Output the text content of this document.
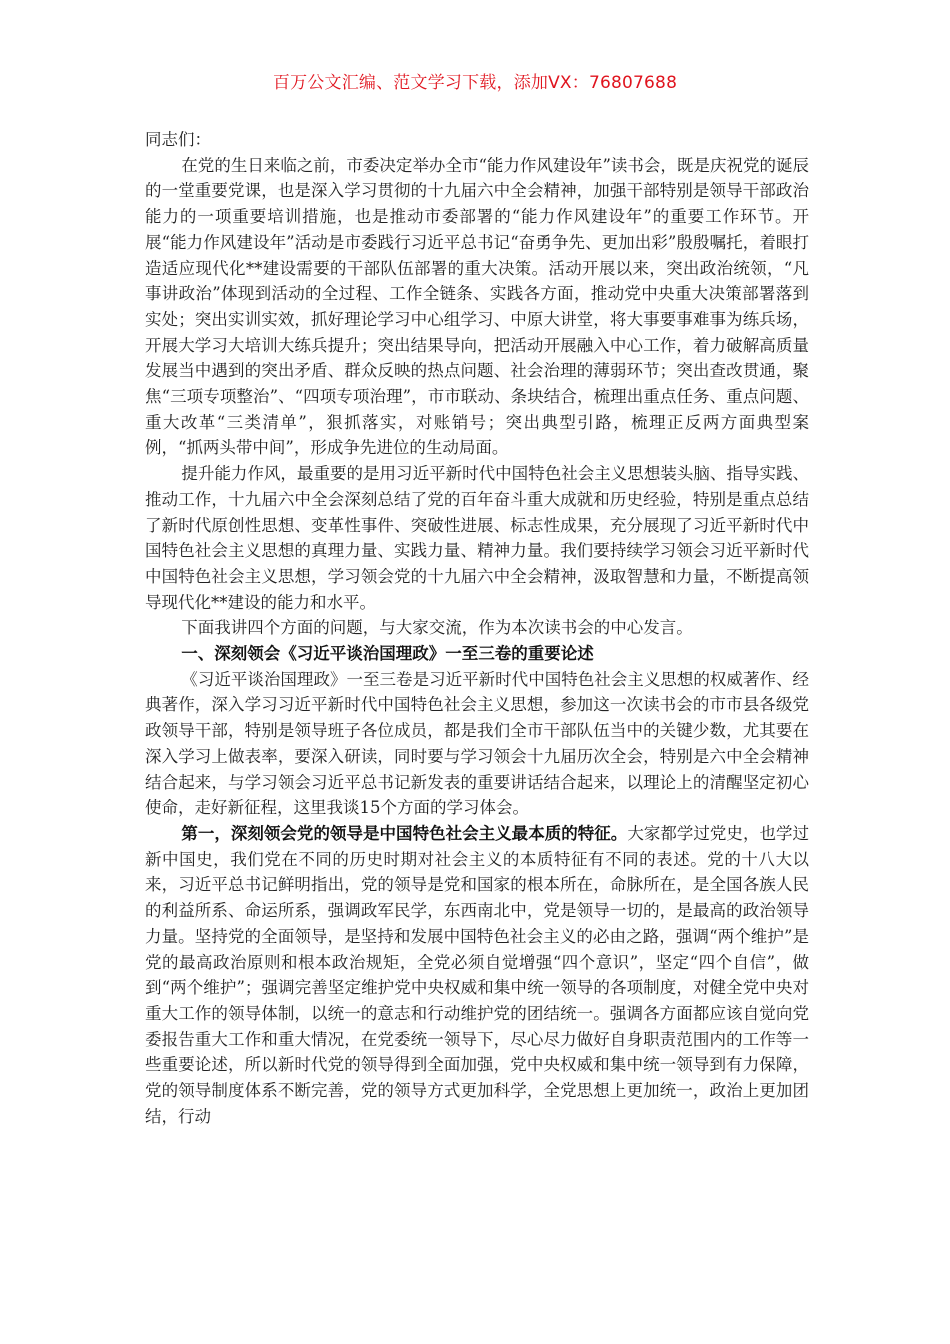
百万公文汇编、范文学习下载，添加VX：76807688

同志们：

在党的生日来临之前，市委决定举办全市“能力作风建设年”读书会，既是庆祝党的诞辰的一堂重要党课，也是深入学习贯彻的十九届六中全会精神，加强干部特别是领导干部政治能力的一项重要培训措施，也是推动市委部署的“能力作风建设年”的重要工作环节。开展“能力作风建设年”活动是市委践行习近平总书记“奋勇争先、更加出彩”殷殷嘱托，着眼打造适应现代化**建设需要的干部队伍部署的重大决策。活动开展以来，突出政治统领，“凡事讲政治”体现到活动的全过程、工作全链条、实践各方面，推动党中央重大决策部署落到实处；突出实训实效，抓好理论学习中心组学习、中原大讲堂，将大事要事难事为练兵场，开展大学习大培训大练兵提升；突出结果导向，把活动开展融入中心工作，着力破解高质量发展当中遇到的突出矛盾、群众反映的热点问题、社会治理的薄弱环节；突出查改贯通，聚焦“三项专项整治”、“四项专项治理”，市市联动、条块结合，梳理出重点任务、重点问题、重大改革“三类清单”，狠抓落实，对账销号；突出典型引路，梳理正反两方面典型案例，“抓两头带中间”，形成争先进位的生动局面。

提升能力作风，最重要的是用习近平新时代中国特色社会主义思想装头脑、指导实践、推动工作，十九届六中全会深刻总结了党的百年奋斗重大成就和历史经验，特别是重点总结了新时代原创性思想、变革性事件、突破性进展、标志性成果，充分展现了习近平新时代中国特色社会主义思想的真理力量、实践力量、精神力量。我们要持续学习领会习近平新时代中国特色社会主义思想，学习领会党的十九届六中全会精神，汲取智慧和力量，不断提高领导现代化**建设的能力和水平。

下面我讲四个方面的问题，与大家交流，作为本次读书会的中心发言。

一、深刻领会《习近平谈治国理政》一至三卷的重要论述

《习近平谈治国理政》一至三卷是习近平新时代中国特色社会主义思想的权威著作、经典著作，深入学习习近平新时代中国特色社会主义思想，参加这一次读书会的市市县各级党政领导干部，特别是领导班子各位成员，都是我们全市干部队伍当中的关键少数，尤其要在深入学习上做表率，要深入研读，同时要与学习领会十九届历次全会，特别是六中全会精神结合起来，与学习领会习近平总书记新发表的重要讲话结合起来，以理论上的清醒坚定初心使命，走好新征程，这里我谈15个方面的学习体会。

第一，深刻领会党的领导是中国特色社会主义最本质的特征。大家都学过党史，也学过新中国史，我们党在不同的历史时期对社会主义的本质特征有不同的表述。党的十八大以来，习近平总书记鲜明指出，党的领导是党和国家的根本所在，命脉所在，是全国各族人民的利益所系、命运所系，强调政军民学，东西南北中，党是领导一切的，是最高的政治领导力量。坚持党的全面领导，是坚持和发展中国特色社会主义的必由之路，强调“两个维护”是党的最高政治原则和根本政治规矩，全党必须自觉增强“四个意识”，坚定“四个自信”，做到“两个维护”；强调完善坚定维护党中央权威和集中统一领导的各项制度，对健全党中央对重大工作的领导体制，以统一的意志和行动维护党的团结统一。强调各方面都应该自觉向党委报告重大工作和重大情况，在党委统一领导下，尽心尽力做好自身职责范围内的工作等一些重要论述，所以新时代党的领导得到全面加强，党中央权威和集中统一领导到有力保障，党的领导制度体系不断完善，党的领导方式更加科学，全党思想上更加统一，政治上更加团结，行动
